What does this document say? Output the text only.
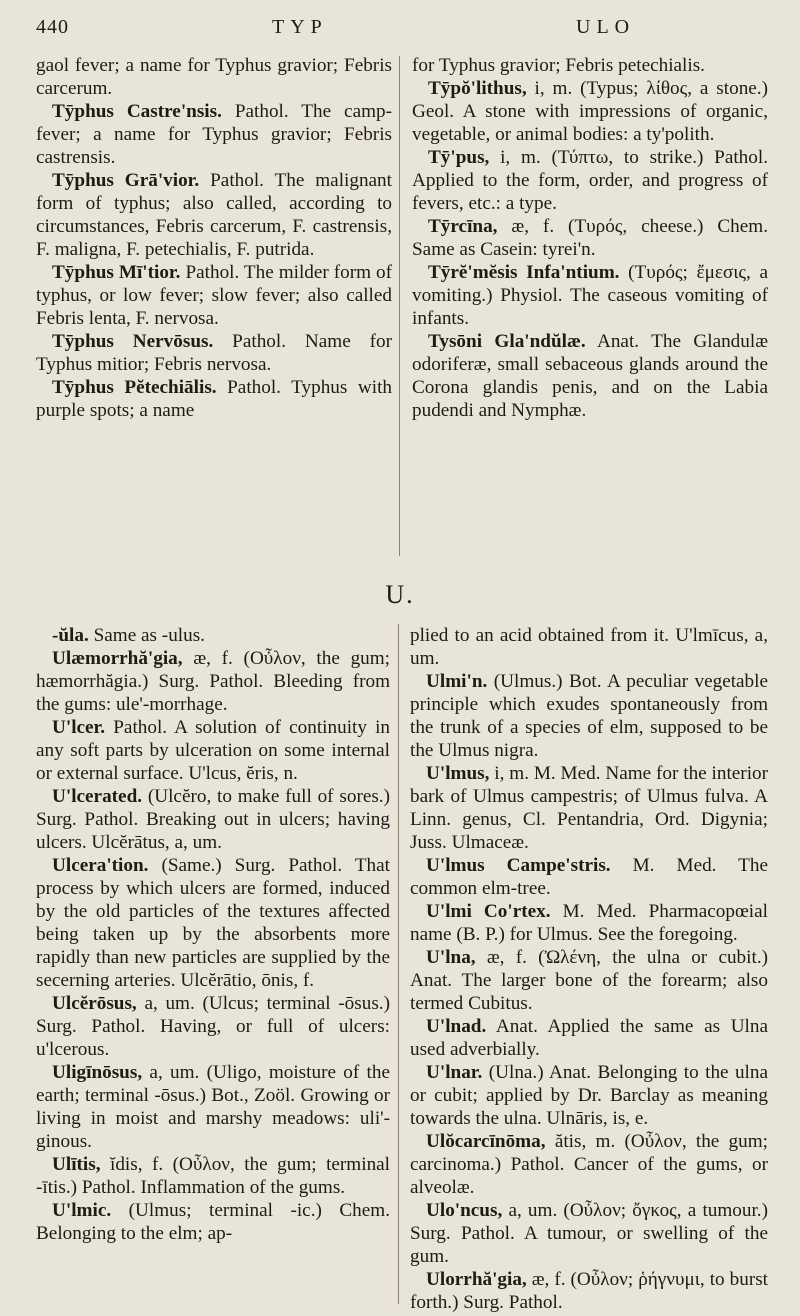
440	TYP	ULO

gaol fever; a name for Typhus gravior; Febris carcerum.

Tȳphus Castre'nsis. Pathol. The camp-fever; a name for Typhus gravior; Febris castrensis.

Tȳphus Grā'vior. Pathol. The malignant form of typhus; also called, according to circumstances, Febris carcerum, F. castrensis, F. maligna, F. petechialis, F. putrida.

Tȳphus Mī'tior. Pathol. The milder form of typhus, or low fever; slow fever; also called Febris lenta, F. nervosa.

Tȳphus Nervōsus. Pathol. Name for Typhus mitior; Febris nervosa.

Tȳphus Pĕtechiālis. Pathol. Typhus with purple spots; a name

for Typhus gravior; Febris petechialis.

Tȳpŏ'lithus, i, m. (Typus; λίθος, a stone.) Geol. A stone with impressions of organic, vegetable, or animal bodies: a ty'polith.

Tȳ'pus, i, m. (Τύπτω, to strike.) Pathol. Applied to the form, order, and progress of fevers, etc.: a type.

Tȳrcīna, æ, f. (Τυρός, cheese.) Chem. Same as Casein: tyrei'n.

Tȳrĕ'mĕsis Infa'ntium. (Τυρός; ἔμεσις, a vomiting.) Physiol. The caseous vomiting of infants.

Tysōni Gla'ndŭlæ. Anat. The Glandulæ odoriferæ, small sebaceous glands around the Corona glandis penis, and on the Labia pudendi and Nymphæ.

U.

-ŭla. Same as -ulus.

Ulæmorrhă'gia, æ, f. (Οὖλον, the gum; hæmorrhăgia.) Surg. Pathol. Bleeding from the gums: ule'-morrhage.

U'lcer. Pathol. A solution of continuity in any soft parts by ulceration on some internal or external surface. U'lcus, ĕris, n.

U'lcerated. (Ulcĕro, to make full of sores.) Surg. Pathol. Breaking out in ulcers; having ulcers. Ulcĕrātus, a, um.

Ulcera'tion. (Same.) Surg. Pathol. That process by which ulcers are formed, induced by the old particles of the textures affected being taken up by the absorbents more rapidly than new particles are supplied by the secerning arteries. Ulcĕrātio, ōnis, f.

Ulcĕrōsus, a, um. (Ulcus; terminal -ōsus.) Surg. Pathol. Having, or full of ulcers: u'lcerous.

Uligīnōsus, a, um. (Uligo, moisture of the earth; terminal -ōsus.) Bot., Zoöl. Growing or living in moist and marshy meadows: uli'-ginous.

Ulītis, ĭdis, f. (Οὖλον, the gum; terminal -ītis.) Pathol. Inflammation of the gums.

U'lmic. (Ulmus; terminal -ic.) Chem. Belonging to the elm; ap-

plied to an acid obtained from it. U'lmīcus, a, um.

Ulmi'n. (Ulmus.) Bot. A peculiar vegetable principle which exudes spontaneously from the trunk of a species of elm, supposed to be the Ulmus nigra.

U'lmus, i, m. M. Med. Name for the interior bark of Ulmus campestris; of Ulmus fulva. A Linn. genus, Cl. Pentandria, Ord. Digynia; Juss. Ulmaceæ.

U'lmus Campe'stris. M. Med. The common elm-tree.

U'lmi Co'rtex. M. Med. Pharmacopœial name (B. P.) for Ulmus. See the foregoing.

U'lna, æ, f. (Ὠλένη, the ulna or cubit.) Anat. The larger bone of the forearm; also termed Cubitus.

U'lnad. Anat. Applied the same as Ulna used adverbially.

U'lnar. (Ulna.) Anat. Belonging to the ulna or cubit; applied by Dr. Barclay as meaning towards the ulna. Ulnāris, is, e.

Ulŏcarcīnōma, ătis, m. (Οὖλον, the gum; carcinoma.) Pathol. Cancer of the gums, or alveolæ.

Ulo'ncus, a, um. (Οὖλον; ὄγκος, a tumour.) Surg. Pathol. A tumour, or swelling of the gum.

Ulorrhă'gia, æ, f. (Οὖλον; ῥήγνυμι, to burst forth.) Surg. Pathol.
